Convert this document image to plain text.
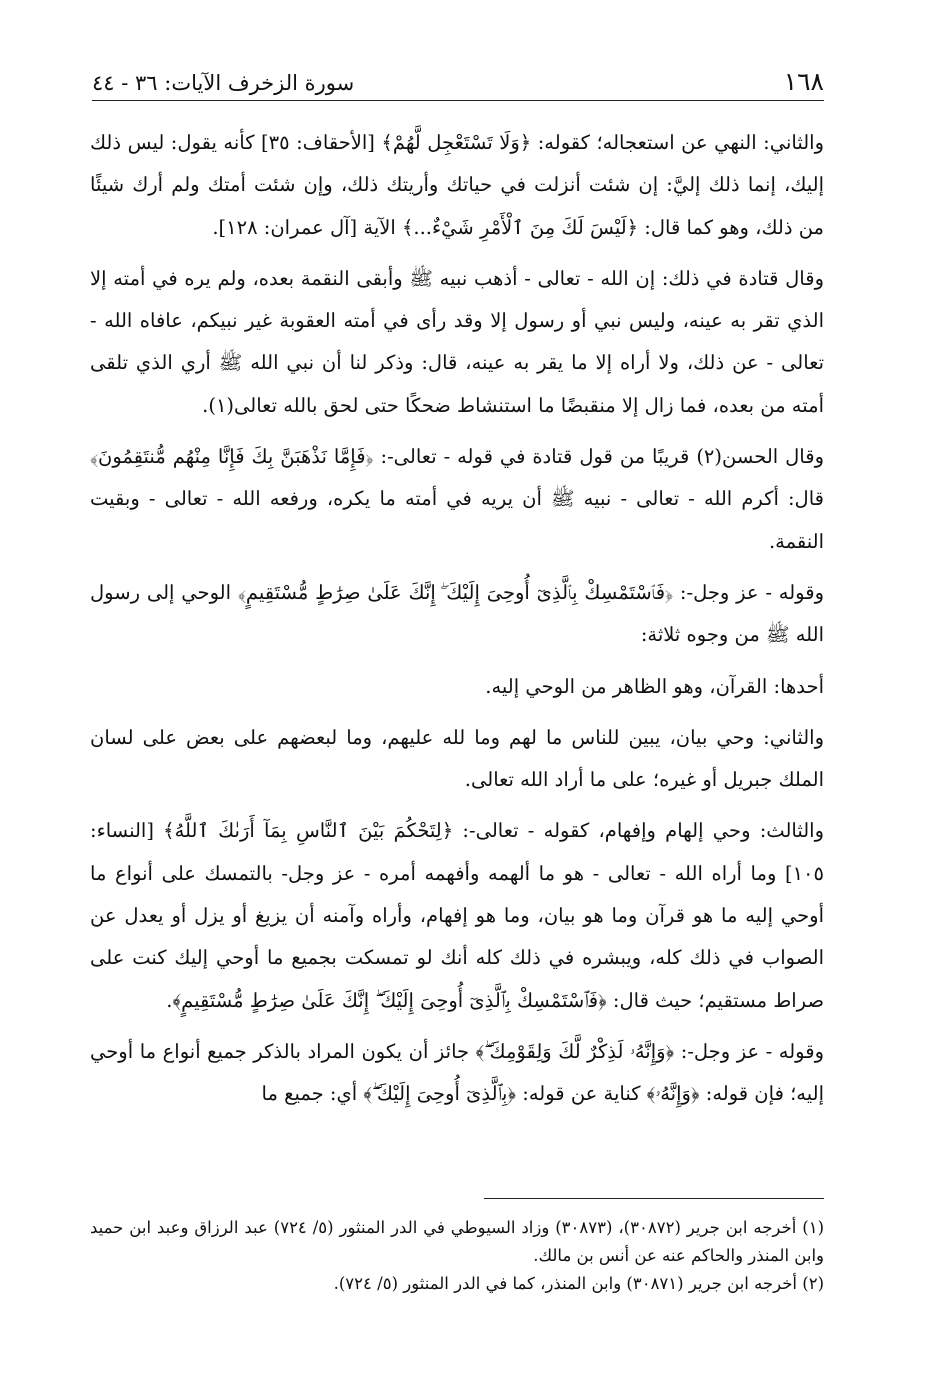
١٦٨
سورة الزخرف الآيات: ٣٦ - ٤٤

والثاني: النهي عن استعجاله؛ كقوله: ﴿وَلَا تَسْتَعْجِل لَّهُمْ﴾ [الأحقاف: ٣٥] كأنه يقول: ليس ذلك إليك، إنما ذلك إليَّ: إن شئت أنزلت في حياتك وأريتك ذلك، وإن شئت أمتك ولم أرك شيئًا من ذلك، وهو كما قال: ﴿لَيْسَ لَكَ مِنَ ٱلْأَمْرِ شَيْءٌ...﴾ الآية [آل عمران: ١٢٨].

وقال قتادة في ذلك: إن الله - تعالى - أذهب نبيه ﷺ وأبقى النقمة بعده، ولم يره في أمته إلا الذي تقر به عينه، وليس نبي أو رسول إلا وقد رأى في أمته العقوبة غير نبيكم، عافاه الله - تعالى - عن ذلك، ولا أراه إلا ما يقر به عينه، قال: وذكر لنا أن نبي الله ﷺ أري الذي تلقى أمته من بعده، فما زال إلا منقبضًا ما استنشاط ضحكًا حتى لحق بالله تعالى(١).

وقال الحسن(٢) قريبًا من قول قتادة في قوله - تعالى-: ﴿فَإِمَّا نَذْهَبَنَّ بِكَ فَإِنَّا مِنْهُم مُّنتَقِمُونَ﴾ قال: أكرم الله - تعالى - نبيه ﷺ أن يريه في أمته ما يكره، ورفعه الله - تعالى - وبقيت النقمة.

وقوله - عز وجل-: ﴿فَٱسْتَمْسِكْ بِٱلَّذِىٓ أُوحِىَ إِلَيْكَ ۖ إِنَّكَ عَلَىٰ صِرَٰطٍ مُّسْتَقِيمٍ﴾ الوحي إلى رسول الله ﷺ من وجوه ثلاثة:

أحدها: القرآن، وهو الظاهر من الوحي إليه.

والثاني: وحي بيان، يبين للناس ما لهم وما لله عليهم، وما لبعضهم على بعض على لسان الملك جبريل أو غيره؛ على ما أراد الله تعالى.

والثالث: وحي إلهام وإفهام، كقوله - تعالى-: ﴿لِتَحْكُمَ بَيْنَ ٱلنَّاسِ بِمَآ أَرَىٰكَ ٱللَّهُ﴾ [النساء: ١٠٥] وما أراه الله - تعالى - هو ما ألهمه وأفهمه أمره - عز وجل- بالتمسك على أنواع ما أوحي إليه ما هو قرآن وما هو بيان، وما هو إفهام، وأراه وآمنه أن يزيغ أو يزل أو يعدل عن الصواب في ذلك كله، ويبشره في ذلك كله أنك لو تمسكت بجميع ما أوحي إليك كنت على صراط مستقيم؛ حيث قال: ﴿فَٱسْتَمْسِكْ بِٱلَّذِىٓ أُوحِىَ إِلَيْكَ ۖ إِنَّكَ عَلَىٰ صِرَٰطٍ مُّسْتَقِيمٍ﴾.

وقوله - عز وجل-: ﴿وَإِنَّهُۥ لَذِكْرٌ لَّكَ وَلِقَوْمِكَ ۖ﴾ جائز أن يكون المراد بالذكر جميع أنواع ما أوحي إليه؛ فإن قوله: ﴿وَإِنَّهُۥ﴾ كناية عن قوله: ﴿بِٱلَّذِىٓ أُوحِىَ إِلَيْكَ ۖ﴾ أي: جميع ما

(١) أخرجه ابن جرير (٣٠٨٧٢)، (٣٠٨٧٣) وزاد السيوطي في الدر المنثور (٥/ ٧٢٤) عبد الرزاق وعبد ابن حميد وابن المنذر والحاكم عنه عن أنس بن مالك.

(٢) أخرجه ابن جرير (٣٠٨٧١) وابن المنذر، كما في الدر المنثور (٥/ ٧٢٤).
